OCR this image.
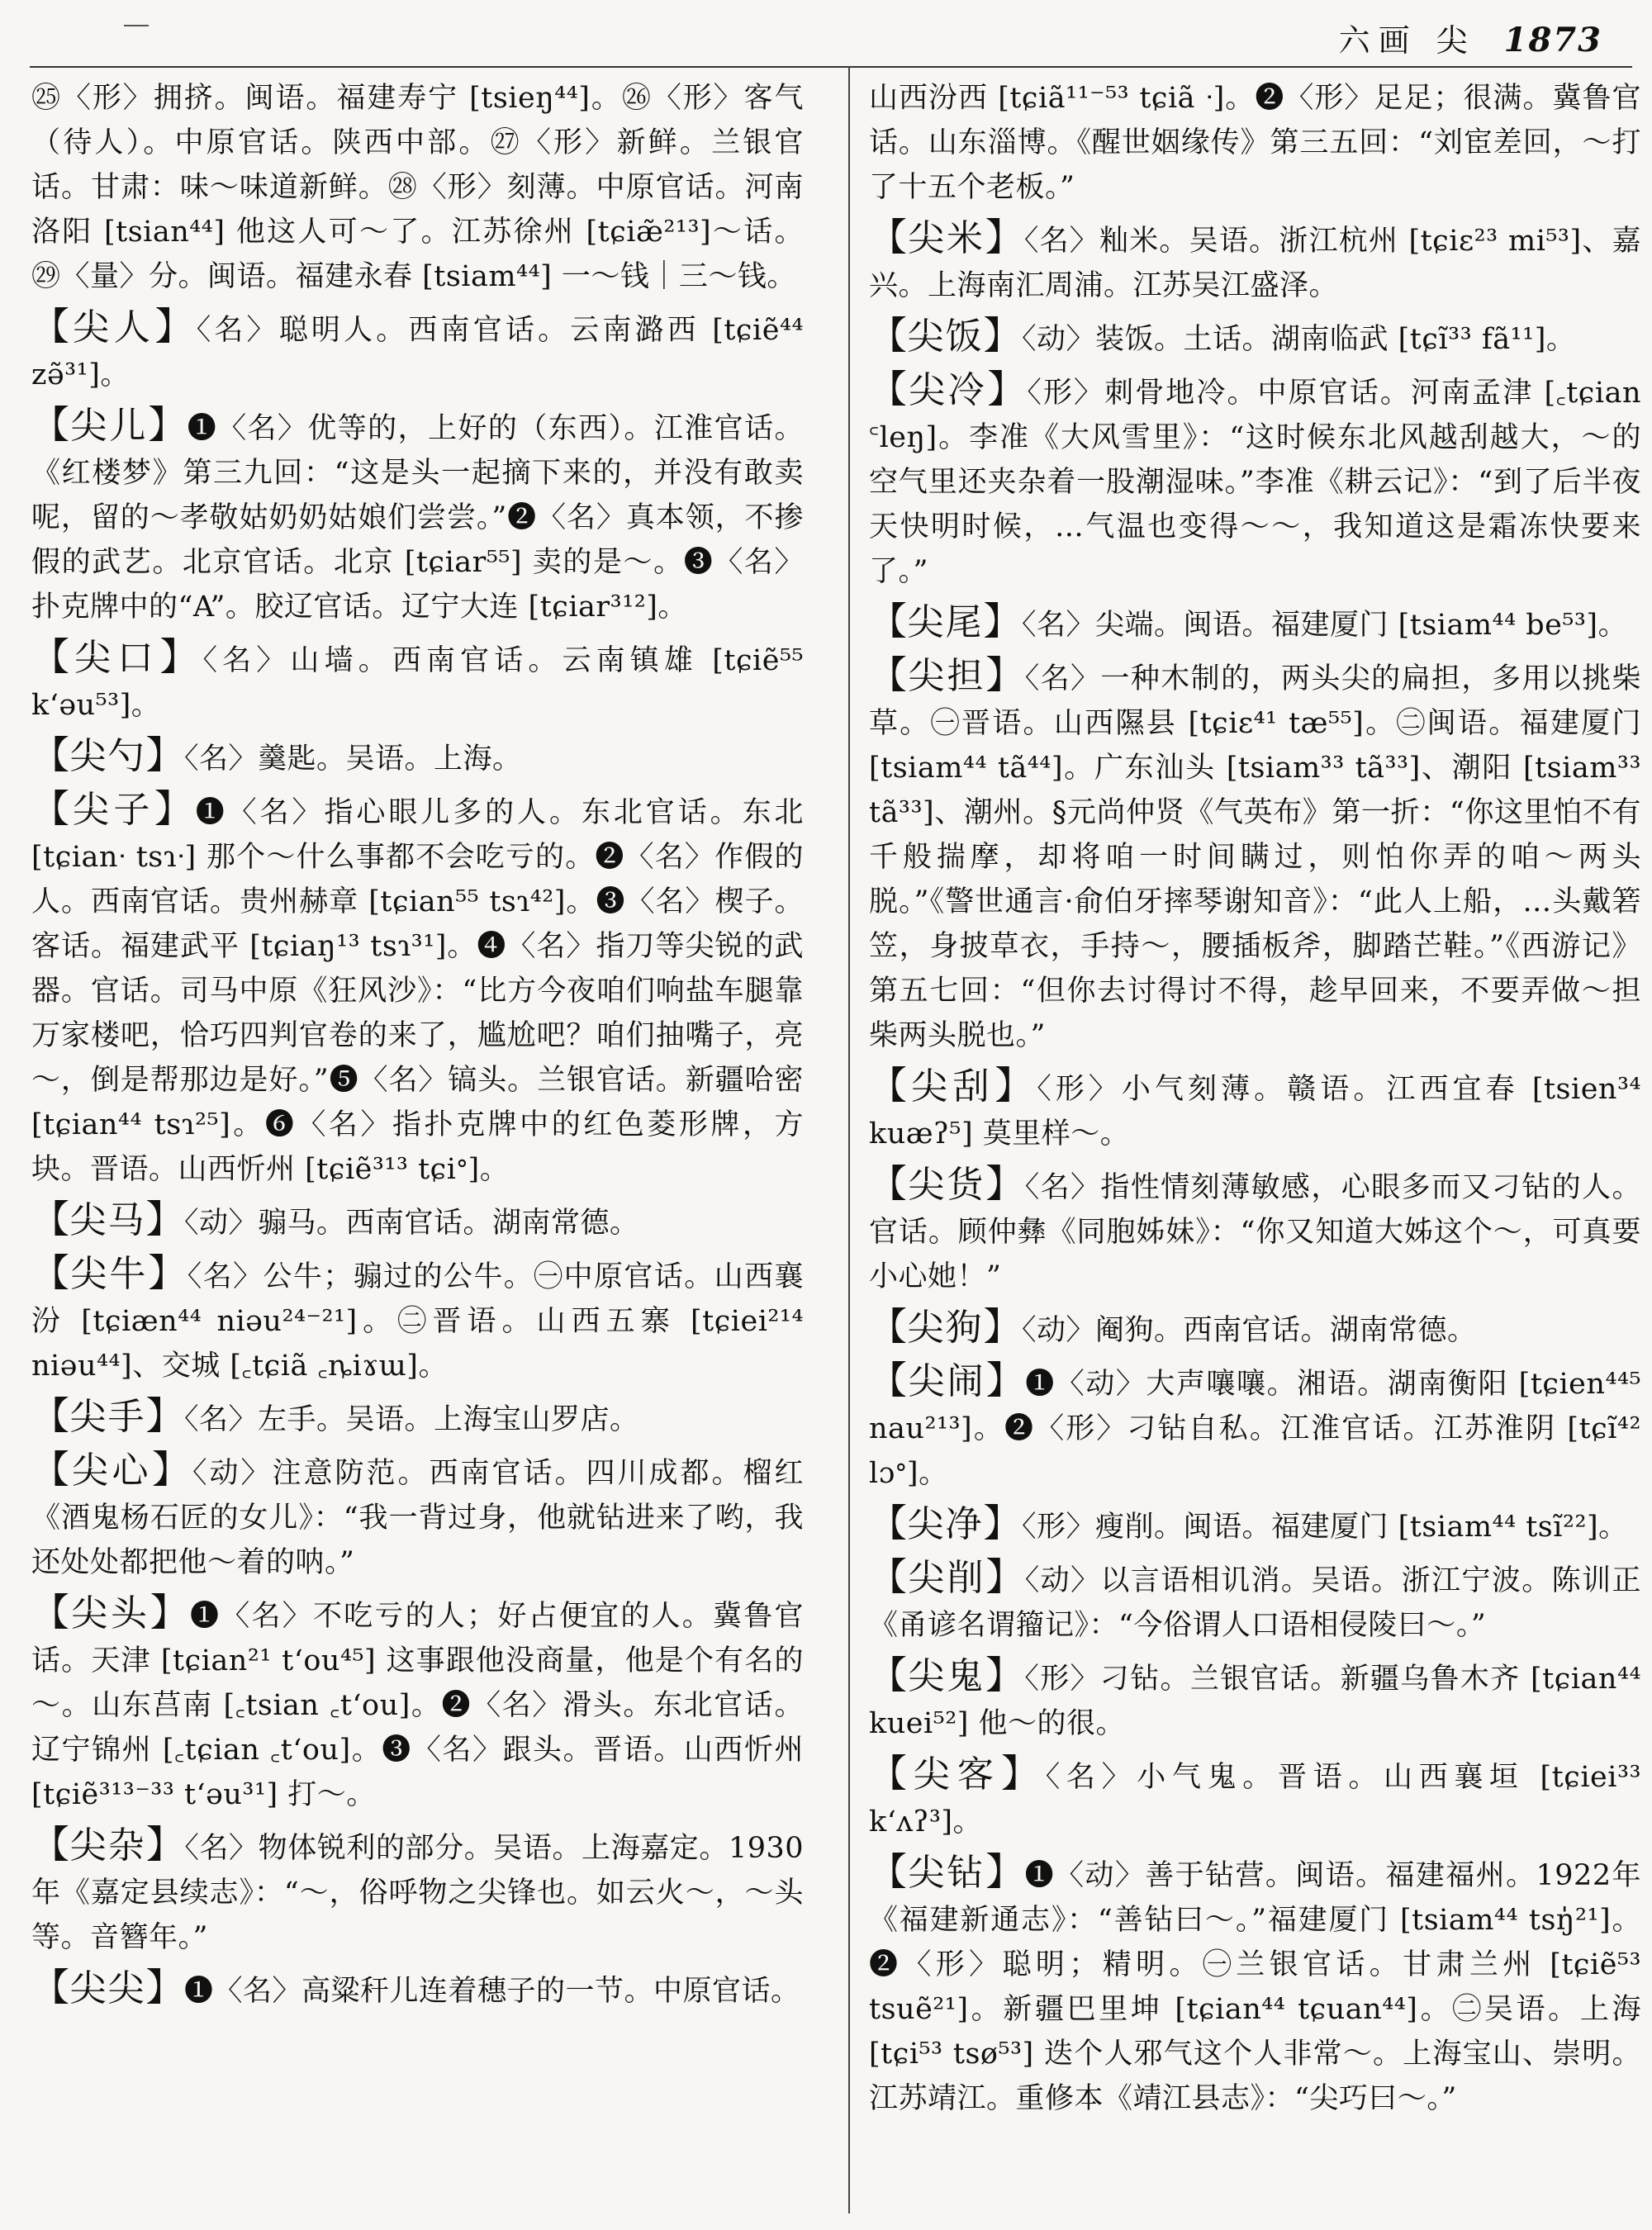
六画 尖 1873

㉕〈形〉拥挤。闽语。福建寿宁 [tsieŋ⁴⁴]。㉖〈形〉客气（待人）。中原官话。陕西中部。㉗〈形〉新鲜。兰银官话。甘肃：味～味道新鲜。㉘〈形〉刻薄。中原官话。河南洛阳 [tsian⁴⁴] 他这人可～了。江苏徐州 [tɕiæ̃²¹³]～话。㉙〈量〉分。闽语。福建永春 [tsiam⁴⁴] 一～钱｜三～钱。

【尖人】〈名〉聪明人。西南官话。云南潞西 [tɕiẽ⁴⁴ zə̃³¹]。

【尖儿】❶〈名〉优等的，上好的（东西）。江淮官话。《红楼梦》第三九回：“这是头一起摘下来的，并没有敢卖呢，留的～孝敬姑奶奶姑娘们尝尝。”❷〈名〉真本领，不掺假的武艺。北京官话。北京 [tɕiar⁵⁵] 卖的是～。❸〈名〉扑克牌中的“A”。胶辽官话。辽宁大连 [tɕiar³¹²]。

【尖口】〈名〉山墙。西南官话。云南镇雄 [tɕiẽ⁵⁵ kʻəu⁵³]。

【尖勺】〈名〉羹匙。吴语。上海。

【尖子】❶〈名〉指心眼儿多的人。东北官话。东北 [tɕianᐧ tsɿᐧ] 那个～什么事都不会吃亏的。❷〈名〉作假的人。西南官话。贵州赫章 [tɕian⁵⁵ tsɿ⁴²]。❸〈名〉楔子。客话。福建武平 [tɕiaŋ¹³ tsɿ³¹]。❹〈名〉指刀等尖锐的武器。官话。司马中原《狂风沙》：“比方今夜咱们响盐车腿靠万家楼吧，恰巧四判官卷的来了，尴尬吧？咱们抽嘴子，亮～，倒是帮那边是好。”❺〈名〉镐头。兰银官话。新疆哈密 [tɕian⁴⁴ tsɿ²⁵]。❻〈名〉指扑克牌中的红色菱形牌，方块。晋语。山西忻州 [tɕiẽ³¹³ tɕiᐤ]。

【尖马】〈动〉骟马。西南官话。湖南常德。

【尖牛】〈名〉公牛；骟过的公牛。㊀中原官话。山西襄汾 [tɕiæn⁴⁴ niəu²⁴⁻²¹]。㊁晋语。山西五寨 [tɕiei²¹⁴ niəu⁴⁴]、交城 [꜀tɕiã ꜀ȵiɤɯ]。

【尖手】〈名〉左手。吴语。上海宝山罗店。

【尖心】〈动〉注意防范。西南官话。四川成都。榴红《酒鬼杨石匠的女儿》：“我一背过身，他就钻进来了哟，我还处处都把他～着的呐。”

【尖头】❶〈名〉不吃亏的人；好占便宜的人。冀鲁官话。天津 [tɕian²¹ tʻou⁴⁵] 这事跟他没商量，他是个有名的～。山东莒南 [꜀tsian ꜀tʻou]。❷〈名〉滑头。东北官话。辽宁锦州 [꜀tɕian ꜀tʻou]。❸〈名〉跟头。晋语。山西忻州 [tɕiẽ³¹³⁻³³ tʻəu³¹] 打～。

【尖杂】〈名〉物体锐利的部分。吴语。上海嘉定。1930年《嘉定县续志》：“～，俗呼物之尖锋也。如云火～，～头等。音簪年。”

【尖尖】❶〈名〉高粱秆儿连着穗子的一节。中原官话。

山西汾西 [tɕiã¹¹⁻⁵³ tɕiã ᐧ]。❷〈形〉足足；很满。冀鲁官话。山东淄博。《醒世姻缘传》第三五回：“刘宦差回，～打了十五个老板。”

【尖米】〈名〉籼米。吴语。浙江杭州 [tɕiɛ²³ mi⁵³]、嘉兴。上海南汇周浦。江苏吴江盛泽。

【尖饭】〈动〉装饭。土话。湖南临武 [tɕĩ³³ fã¹¹]。

【尖冷】〈形〉刺骨地冷。中原官话。河南孟津 [꜀tɕian ꜂leŋ]。李准《大风雪里》：“这时候东北风越刮越大，～的空气里还夹杂着一股潮湿味。”李准《耕云记》：“到了后半夜天快明时候，…气温也变得～～，我知道这是霜冻快要来了。”

【尖尾】〈名〉尖端。闽语。福建厦门 [tsiam⁴⁴ be⁵³]。

【尖担】〈名〉一种木制的，两头尖的扁担，多用以挑柴草。㊀晋语。山西隰县 [tɕiɛ⁴¹ tæ⁵⁵]。㊁闽语。福建厦门 [tsiam⁴⁴ tã⁴⁴]。广东汕头 [tsiam³³ tã³³]、潮阳 [tsiam³³ tã³³]、潮州。§元尚仲贤《气英布》第一折：“你这里怕不有千般揣摩，却将咱一时间瞒过，则怕你弄的咱～两头脱。”《警世通言·俞伯牙摔琴谢知音》：“此人上船，…头戴箬笠，身披草衣，手持～，腰插板斧，脚踏芒鞋。”《西游记》第五七回：“但你去讨得讨不得，趁早回来，不要弄做～担柴两头脱也。”

【尖刮】〈形〉小气刻薄。赣语。江西宜春 [tsien³⁴ kuæʔ⁵] 莫里样～。

【尖货】〈名〉指性情刻薄敏感，心眼多而又刁钻的人。官话。顾仲彝《同胞姊妹》：“你又知道大姊这个～，可真要小心她！”

【尖狗】〈动〉阉狗。西南官话。湖南常德。

【尖闹】❶〈动〉大声嚷嚷。湘语。湖南衡阳 [tɕien⁴⁴⁵ nau²¹³]。❷〈形〉刁钻自私。江淮官话。江苏淮阴 [tɕĩ⁴² lɔᐤ]。

【尖净】〈形〉瘦削。闽语。福建厦门 [tsiam⁴⁴ tsĩ²²]。

【尖削】〈动〉以言语相讥消。吴语。浙江宁波。陈训正《甬谚名谓籀记》：“今俗谓人口语相侵陵曰～。”

【尖鬼】〈形〉刁钻。兰银官话。新疆乌鲁木齐 [tɕian⁴⁴ kuei⁵²] 他～的很。

【尖客】〈名〉小气鬼。晋语。山西襄垣 [tɕiei³³ kʻʌʔ³]。

【尖钻】❶〈动〉善于钻营。闽语。福建福州。1922年《福建新通志》：“善钻曰～。”福建厦门 [tsiam⁴⁴ tsŋ̍²¹]。❷〈形〉聪明；精明。㊀兰银官话。甘肃兰州 [tɕiẽ⁵³ tsuẽ²¹]。新疆巴里坤 [tɕian⁴⁴ tɕuan⁴⁴]。㊁吴语。上海 [tɕi⁵³ tsø⁵³] 迭个人邪气这个人非常～。上海宝山、崇明。江苏靖江。重修本《靖江县志》：“尖巧曰～。”
